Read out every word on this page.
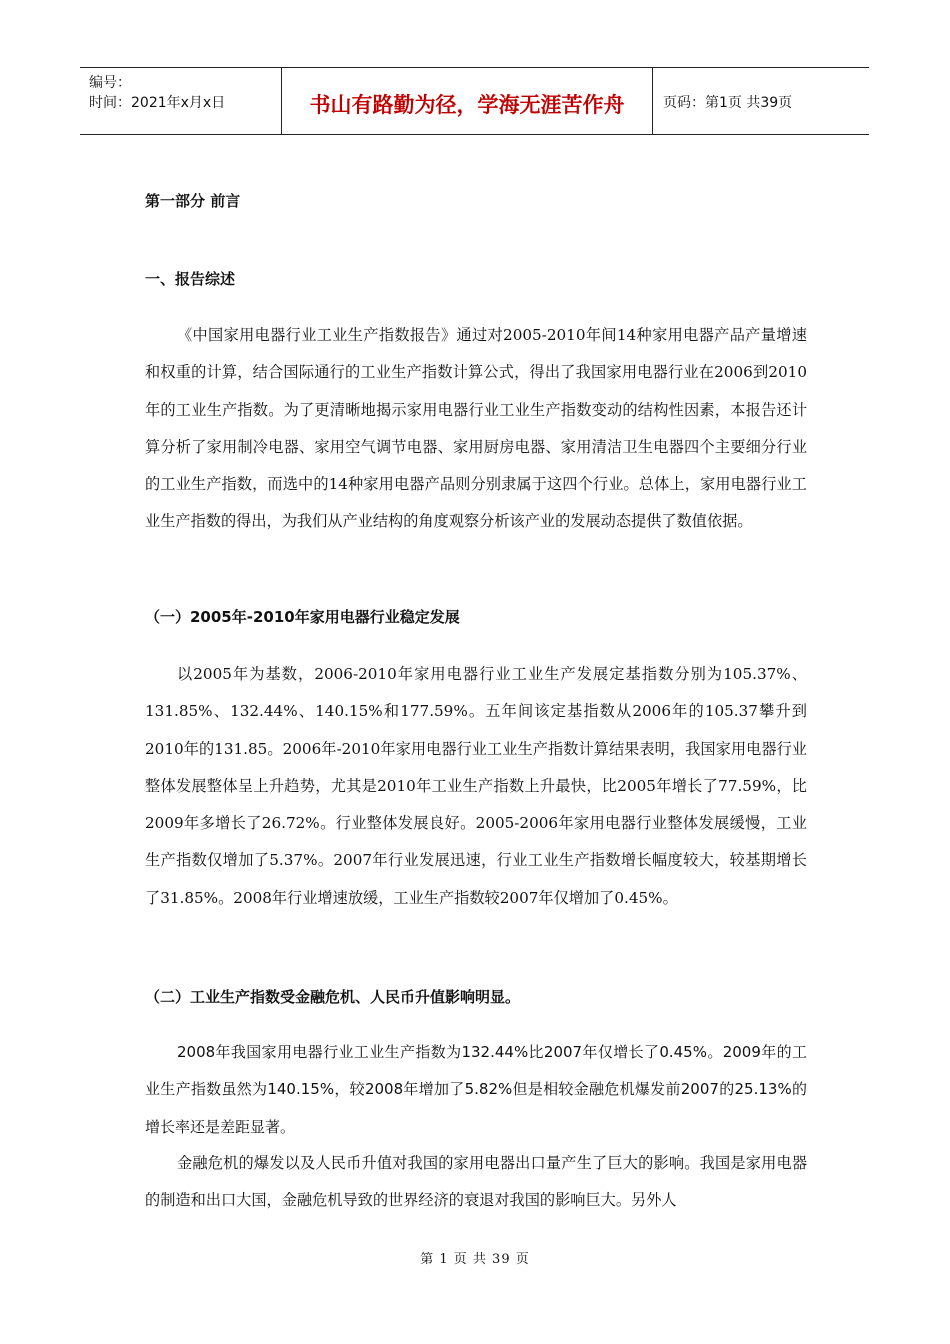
编号：
时间：2021年x月x日	书山有路勤为径，学海无涯苦作舟	页码：第1页 共39页
第一部分 前言
一、报告综述

《中国家用电器行业工业生产指数报告》通过对2005-2010年间14种家用电器产品产量增速和权重的计算，结合国际通行的工业生产指数计算公式，得出了我国家用电器行业在2006到2010年的工业生产指数。为了更清晰地揭示家用电器行业工业生产指数变动的结构性因素，本报告还计算分析了家用制冷电器、家用空气调节电器、家用厨房电器、家用清洁卫生电器四个主要细分行业的工业生产指数，而选中的14种家用电器产品则分别隶属于这四个行业。总体上，家用电器行业工业生产指数的得出，为我们从产业结构的角度观察分析该产业的发展动态提供了数值依据。

（一）2005年-2010年家用电器行业稳定发展

以2005年为基数，2006-2010年家用电器行业工业生产发展定基指数分别为105.37%、131.85%、132.44%、140.15%和177.59%。五年间该定基指数从2006年的105.37攀升到2010年的131.85。2006年-2010年家用电器行业工业生产指数计算结果表明，我国家用电器行业整体发展整体呈上升趋势，尤其是2010年工业生产指数上升最快，比2005年增长了77.59%，比2009年多增长了26.72%。行业整体发展良好。2005-2006年家用电器行业整体发展缓慢，工业生产指数仅增加了5.37%。2007年行业发展迅速，行业工业生产指数增长幅度较大，较基期增长了31.85%。2008年行业增速放缓，工业生产指数较2007年仅增加了0.45%。

（二）工业生产指数受金融危机、人民币升值影响明显。

2008年我国家用电器行业工业生产指数为132.44%比2007年仅增长了0.45%。2009年的工业生产指数虽然为140.15%，较2008年增加了5.82%但是相较金融危机爆发前2007的25.13%的增长率还是差距显著。

金融危机的爆发以及人民币升值对我国的家用电器出口量产生了巨大的影响。我国是家用电器的制造和出口大国，金融危机导致的世界经济的衰退对我国的影响巨大。另外人

第 1 页 共 39 页
